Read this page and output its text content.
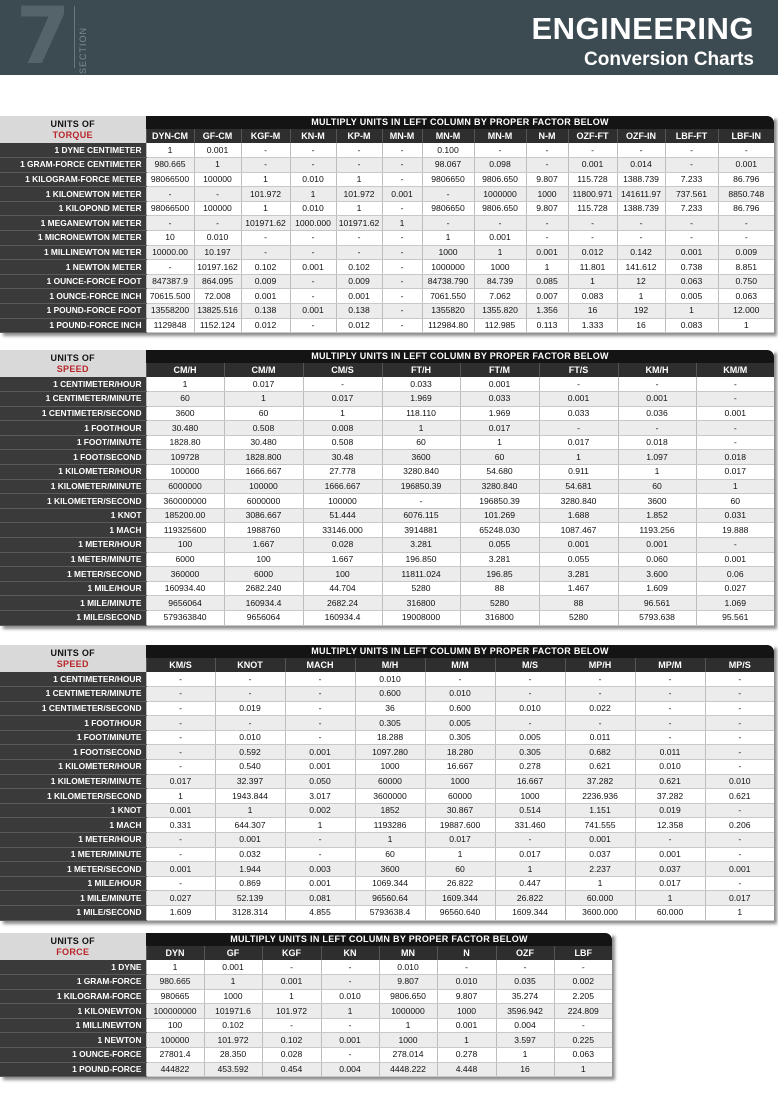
7 SECTION	ENGINEERING
Conversion Charts
UNITS OF
TORQUE	MULTIPLY UNITS IN LEFT COLUMN BY PROPER FACTOR BELOW												
	DYN-CM	GF-CM	KGF-M	KN-M	KP-M	MN-M	MN-M	MN-M	N-M	OZF-FT	OZF-IN	LBF-FT	LBF-IN
1 DYNE CENTIMETER	1	0.001	-	-	-	-	0.100	-	-	-	-	-	-
1 GRAM-FORCE CENTIMETER	980.665	1	-	-	-	-	98.067	0.098	-	0.001	0.014	-	0.001
1 KILOGRAM-FORCE METER	98066500	100000	1	0.010	1	-	9806650	9806.650	9.807	115.728	1388.739	7.233	86.796
1 KILONEWTON METER	-	-	101.972	1	101.972	0.001	-	1000000	1000	11800.971	141611.97	737.561	8850.748
1 KILOPOND METER	98066500	100000	1	0.010	1	-	9806650	9806.650	9.807	115.728	1388.739	7.233	86.796
1 MEGANEWTON METER	-	-	101971.62	1000.000	101971.62	1	-	-	-	-	-	-	-
1 MICRONEWTON METER	10	0.010	-	-	-	-	1	0.001	-	-	-	-	-
1 MILLINEWTON METER	10000.00	10.197	-	-	-	-	1000	1	0.001	0.012	0.142	0.001	0.009
1 NEWTON METER	-	10197.162	0.102	0.001	0.102	-	1000000	1000	1	11.801	141.612	0.738	8.851
1 OUNCE-FORCE FOOT	847387.9	864.095	0.009	-	0.009	-	84738.790	84.739	0.085	1	12	0.063	0.750
1 OUNCE-FORCE INCH	70615.500	72.008	0.001	-	0.001	-	7061.550	7.062	0.007	0.083	1	0.005	0.063
1 POUND-FORCE FOOT	13558200	13825.516	0.138	0.001	0.138	-	1355820	1355.820	1.356	16	192	1	12.000
1 POUND-FORCE INCH	1129848	1152.124	0.012	-	0.012	-	112984.80	112.985	0.113	1.333	16	0.083	1
UNITS OF
SPEED	MULTIPLY UNITS IN LEFT COLUMN BY PROPER FACTOR BELOW							
	CM/H	CM/M	CM/S	FT/H	FT/M	FT/S	KM/H	KM/M
1 CENTIMETER/HOUR	1	0.017	-	0.033	0.001	-	-	-
1 CENTIMETER/MINUTE	60	1	0.017	1.969	0.033	0.001	0.001	-
1 CENTIMETER/SECOND	3600	60	1	118.110	1.969	0.033	0.036	0.001
1 FOOT/HOUR	30.480	0.508	0.008	1	0.017	-	-	-
1 FOOT/MINUTE	1828.80	30.480	0.508	60	1	0.017	0.018	-
1 FOOT/SECOND	109728	1828.800	30.48	3600	60	1	1.097	0.018
1 KILOMETER/HOUR	100000	1666.667	27.778	3280.840	54.680	0.911	1	0.017
1 KILOMETER/MINUTE	6000000	100000	1666.667	196850.39	3280.840	54.681	60	1
1 KILOMETER/SECOND	360000000	6000000	100000	-	196850.39	3280.840	3600	60
1 KNOT	185200.00	3086.667	51.444	6076.115	101.269	1.688	1.852	0.031
1 MACH	119325600	1988760	33146.000	3914881	65248.030	1087.467	1193.256	19.888
1 METER/HOUR	100	1.667	0.028	3.281	0.055	0.001	0.001	-
1 METER/MINUTE	6000	100	1.667	196.850	3.281	0.055	0.060	0.001
1 METER/SECOND	360000	6000	100	11811.024	196.85	3.281	3.600	0.06
1 MILE/HOUR	160934.40	2682.240	44.704	5280	88	1.467	1.609	0.027
1 MILE/MINUTE	9656064	160934.4	2682.24	316800	5280	88	96.561	1.069
1 MILE/SECOND	579363840	9656064	160934.4	19008000	316800	5280	5793.638	95.561
UNITS OF
SPEED	MULTIPLY UNITS IN LEFT COLUMN BY PROPER FACTOR BELOW								
	KM/S	KNOT	MACH	M/H	M/M	M/S	MP/H	MP/M	MP/S
1 CENTIMETER/HOUR	-	-	-	0.010	-	-	-	-	-
1 CENTIMETER/MINUTE	-	-	-	0.600	0.010	-	-	-	-
1 CENTIMETER/SECOND	-	0.019	-	36	0.600	0.010	0.022	-	-
1 FOOT/HOUR	-	-	-	0.305	0.005	-	-	-	-
1 FOOT/MINUTE	-	0.010	-	18.288	0.305	0.005	0.011	-	-
1 FOOT/SECOND	-	0.592	0.001	1097.280	18.280	0.305	0.682	0.011	-
1 KILOMETER/HOUR	-	0.540	0.001	1000	16.667	0.278	0.621	0.010	-
1 KILOMETER/MINUTE	0.017	32.397	0.050	60000	1000	16.667	37.282	0.621	0.010
1 KILOMETER/SECOND	1	1943.844	3.017	3600000	60000	1000	2236.936	37.282	0.621
1 KNOT	0.001	1	0.002	1852	30.867	0.514	1.151	0.019	-
1 MACH	0.331	644.307	1	1193286	19887.600	331.460	741.555	12.358	0.206
1 METER/HOUR	-	0.001	-	1	0.017	-	0.001	-	-
1 METER/MINUTE	-	0.032	-	60	1	0.017	0.037	0.001	-
1 METER/SECOND	0.001	1.944	0.003	3600	60	1	2.237	0.037	0.001
1 MILE/HOUR	-	0.869	0.001	1069.344	26.822	0.447	1	0.017	-
1 MILE/MINUTE	0.027	52.139	0.081	96560.64	1609.344	26.822	60.000	1	0.017
1 MILE/SECOND	1.609	3128.314	4.855	5793638.4	96560.640	1609.344	3600.000	60.000	1
UNITS OF
FORCE	MULTIPLY UNITS IN LEFT COLUMN BY PROPER FACTOR BELOW							
	DYN	GF	KGF	KN	MN	N	OZF	LBF
1 DYNE	1	0.001	-	-	0.010	-	-	-
1 GRAM-FORCE	980.665	1	0.001	-	9.807	0.010	0.035	0.002
1 KILOGRAM-FORCE	980665	1000	1	0.010	9806.650	9.807	35.274	2.205
1 KILONEWTON	100000000	101971.6	101.972	1	1000000	1000	3596.942	224.809
1 MILLINEWTON	100	0.102	-	-	1	0.001	0.004	-
1 NEWTON	100000	101.972	0.102	0.001	1000	1	3.597	0.225
1 OUNCE-FORCE	27801.4	28.350	0.028	-	278.014	0.278	1	0.063
1 POUND-FORCE	444822	453.592	0.454	0.004	4448.222	4.448	16	1
